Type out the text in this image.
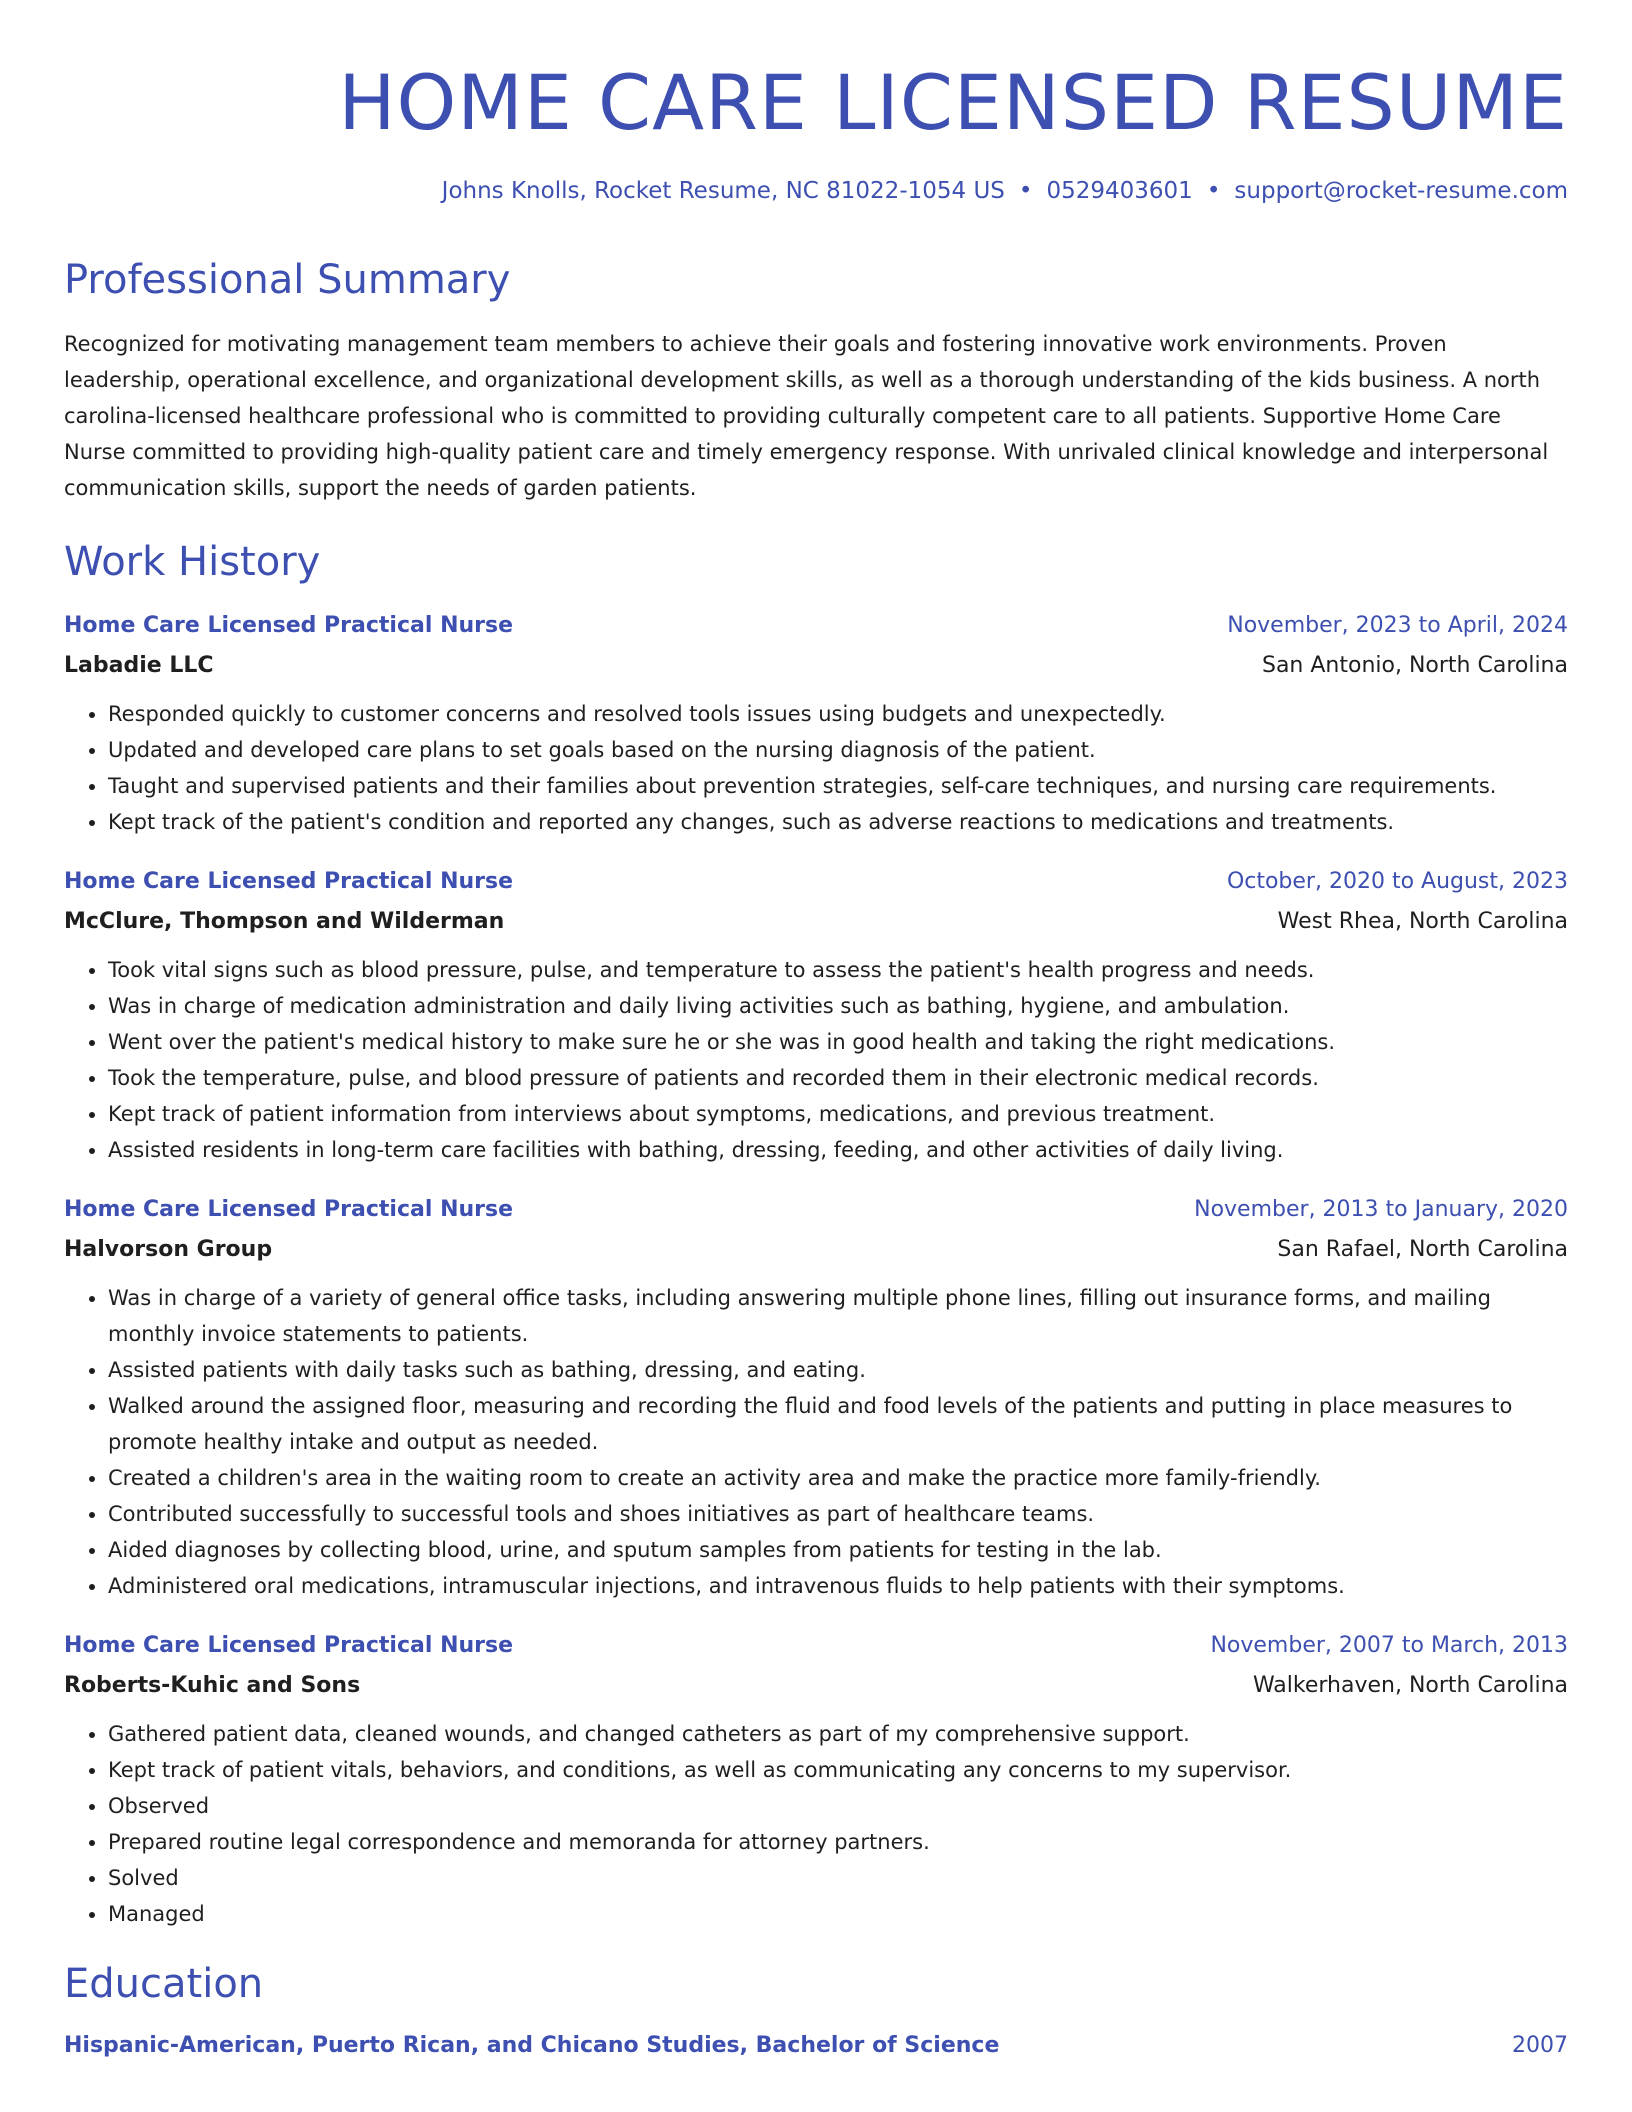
HOME CARE LICENSED RESUME
Johns Knolls, Rocket Resume, NC 81022-1054 US • 0529403601 • support@rocket-resume.com
Professional Summary
Recognized for motivating management team members to achieve their goals and fostering innovative work environments. Proven leadership, operational excellence, and organizational development skills, as well as a thorough understanding of the kids business. A north carolina-licensed healthcare professional who is committed to providing culturally competent care to all patients. Supportive Home Care Nurse committed to providing high-quality patient care and timely emergency response. With unrivaled clinical knowledge and interpersonal communication skills, support the needs of garden patients.
Work History
Home Care Licensed Practical Nurse	November, 2023 to April, 2024
Labadie LLC	San Antonio, North Carolina
• Responded quickly to customer concerns and resolved tools issues using budgets and unexpectedly.
• Updated and developed care plans to set goals based on the nursing diagnosis of the patient.
• Taught and supervised patients and their families about prevention strategies, self-care techniques, and nursing care requirements.
• Kept track of the patient's condition and reported any changes, such as adverse reactions to medications and treatments.
Home Care Licensed Practical Nurse	October, 2020 to August, 2023
McClure, Thompson and Wilderman	West Rhea, North Carolina
• Took vital signs such as blood pressure, pulse, and temperature to assess the patient's health progress and needs.
• Was in charge of medication administration and daily living activities such as bathing, hygiene, and ambulation.
• Went over the patient's medical history to make sure he or she was in good health and taking the right medications.
• Took the temperature, pulse, and blood pressure of patients and recorded them in their electronic medical records.
• Kept track of patient information from interviews about symptoms, medications, and previous treatment.
• Assisted residents in long-term care facilities with bathing, dressing, feeding, and other activities of daily living.
Home Care Licensed Practical Nurse	November, 2013 to January, 2020
Halvorson Group	San Rafael, North Carolina
• Was in charge of a variety of general office tasks, including answering multiple phone lines, filling out insurance forms, and mailing monthly invoice statements to patients.
• Assisted patients with daily tasks such as bathing, dressing, and eating.
• Walked around the assigned floor, measuring and recording the fluid and food levels of the patients and putting in place measures to promote healthy intake and output as needed.
• Created a children's area in the waiting room to create an activity area and make the practice more family-friendly.
• Contributed successfully to successful tools and shoes initiatives as part of healthcare teams.
• Aided diagnoses by collecting blood, urine, and sputum samples from patients for testing in the lab.
• Administered oral medications, intramuscular injections, and intravenous fluids to help patients with their symptoms.
Home Care Licensed Practical Nurse	November, 2007 to March, 2013
Roberts-Kuhic and Sons	Walkerhaven, North Carolina
• Gathered patient data, cleaned wounds, and changed catheters as part of my comprehensive support.
• Kept track of patient vitals, behaviors, and conditions, as well as communicating any concerns to my supervisor.
• Observed
• Prepared routine legal correspondence and memoranda for attorney partners.
• Solved
• Managed
Education
Hispanic-American, Puerto Rican, and Chicano Studies, Bachelor of Science	2007
